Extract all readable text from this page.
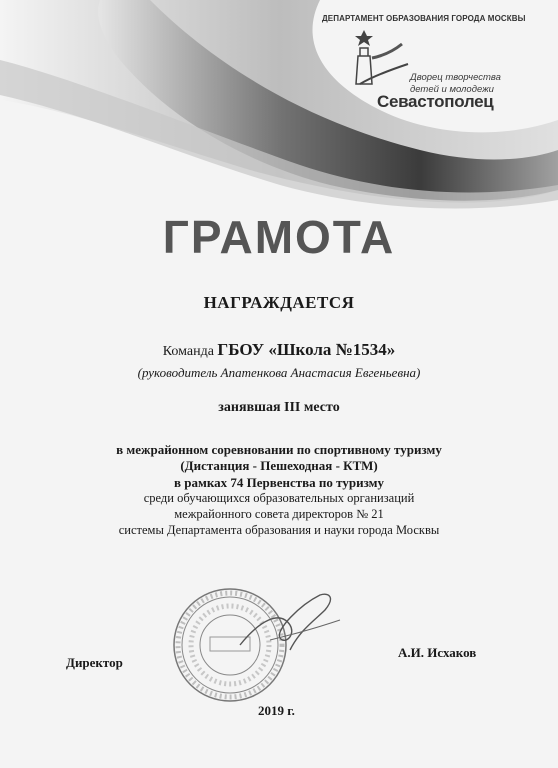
ДЕПАРТАМЕНТ ОБРАЗОВАНИЯ ГОРОДА МОСКВЫ
Дворец творчества
детей и молодежи
Севастополец
ГРАМОТА
НАГРАЖДАЕТСЯ
Команда ГБОУ «Школа №1534»
(руководитель Апатенкова Анастасия Евгеньевна)
занявшая III место
в межрайонном соревновании по спортивному туризму
(Дистанция - Пешеходная - КТМ)
в рамках 74 Первенства по туризму
среди обучающихся образовательных организаций
межрайонного совета директоров № 21
системы Департамента образования и науки города Москвы
Директор
А.И. Исхаков
2019 г.
